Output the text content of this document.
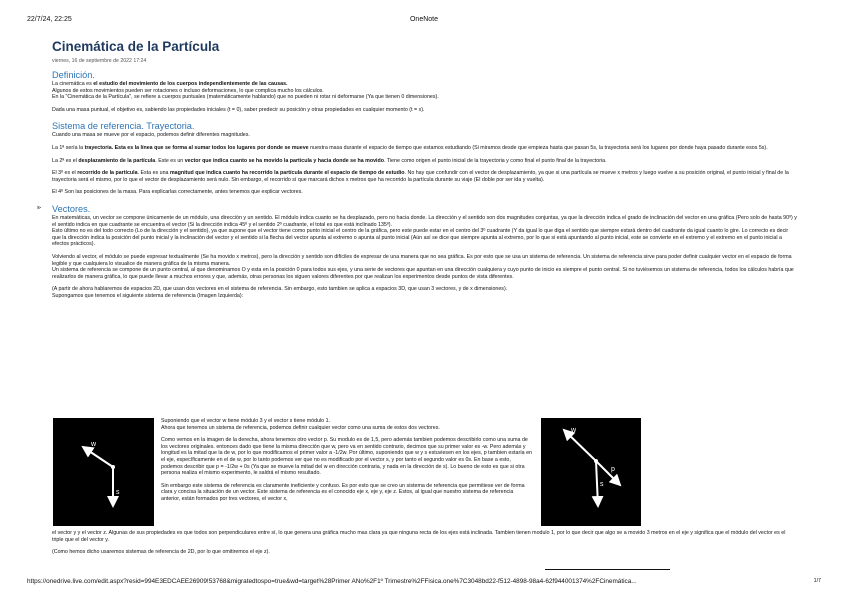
22/7/24, 22:25	OneNote
Cinemática de la Partícula
viernes, 16 de septiembre de 2022 17:24
Definición.

La cinemática es el estudio del movimiento de los cuerpos independientemente de las causas.

Algunos de estos movimientos pueden ser rotaciones o incluso deformaciones, lo que complica mucho los cálculos.

En la "Cinemática de la Partícula", se refiere a cuerpos puntuales (matemáticamente hablando) que no pueden ni rotar ni deformarse (Ya que tienen 0 dimensiones).

Dada una masa puntual, el objetivo es, sabiendo las propiedades iniciales (t = 0), saber predecir su posición y otras propiedades en cualquier momento (t = x).

Sistema de referencia. Trayectoria.

Cuando una masa se mueve por el espacio, podemos definir diferentes magnitudes.

La 1ª sería la trayectoria. Esta es la línea que se forma al sumar todos los lugares por donde se mueve nuestra masa durante el espacio de tiempo que estamos estudiando (Si miramos desde que empieza hasta que pasan 5s, la trayectoria será los lugares por donde haya pasado durante esos 5s).

La 2ª es el desplazamiento de la partícula. Este es un vector que indica cuanto se ha movido la partícula y hacia donde se ha movido. Tiene como origen el punto inicial de la trayectoria y como final el punto final de la trayectoria.

El 3º es el recorrido de la partícula. Esta es una magnitud que indica cuanto ha recorrido la partícula durante el espacio de tiempo de estudio. No hay que confundir con el vector de desplazamiento, ya que si una partícula se mueve x metros y luego vuelve a su posición original, el punto inicial y final de la trayectoria será el mismo, por lo que el vector de desplazamiento será nulo. Sin embargo, el recorrido sí que marcará dichos x metros que ha recorrido la partícula durante su viaje (El doble por ser ida y vuelta).

El 4º Son las posiciones de la masa. Para explicarlas correctamente, antes tenemos que explicar vectores.

⪢ Vectores.

En matemáticas, un vector se compone únicamente de un módulo, una dirección y un sentido. El módulo indica cuanto se ha desplazado, pero no hacia donde. La dirección y el sentido son dos magnitudes conjuntas, ya que la dirección indica el grado de inclinación del vector en una gráfica (Pero solo de hasta 90º) y el sentido indica en que cuadrante se encuentra el vector (Si la dirección indica 45º y el sentido 2º cuadrante, el total es que está inclinado 135º).

Esto último no es del todo correcto (Lo de la dirección y el sentido), ya que supone que el vector tiene como punto inicial el centro de la gráfica, pero este puede estar en el centro del 3º cuadrante (Y da igual lo que diga el sentido que siempre estará dentro del cuadrante da igual cuanto lo gire. Lo correcto es decir que la dirección indica la posición del punto inicial y la inclinación del vector y el sentido si la flecha del vector apunta al extremo o apunta al punto inicial (Aún así se dice que siempre apunta al extremo, por lo que si está apuntando al punto inicial, este se convierte en el extremo y el extremo en el punto inicial a efectos prácticos).

Volviendo al vector, el módulo se puede expresar textualmente (Se ha movido x metros), pero la dirección y sentido son difíciles de expresar de una manera que no sea gráfica. Es por esto que se usa un sistema de referencia. Un sistema de referencia sirve para poder definir cualquier vector en el espacio de forma legible y que cualquiera lo visualice de manera gráfica de la misma manera.

Un sistema de referencia se compone de un punto central, al que denominamos O y esta en la posición 0 para todos sus ejes, y una serie de vectores que apuntan en una dirección cualquiera y cuyo punto de inicio es siempre el punto central. Si no tuviésemos un sistema de referencia, todos los cálculos habría que realizarlos de manera gráfica, lo que puede llevar a muchos errores y que, además, otras personas los siguen valores diferentes por que realizan los experimentos desde puntos de vista diferentes.

(A partir de ahora hablaremos de espacios 2D, que usan dos vectores en el sistema de referencia. Sin embargo, esto tambien se aplica a espacios 3D, que usan 3 vectores, y de x dimensiones).

Supongamos que tenemos el siguiente sistema de referencia (Imagen Izquierda):

Suponiendo que el vector w tiene módulo 3 y el vector s tiene módulo 1.

Ahora que tenemos un sistema de referencia, podemos definir cualquier vector como una suma de estos dos vectores.

Como vemos en la imagen de la derecha, ahora tenemos otro vector p. Su modulo es de 1,5, pero además tambien podemos describirlo como una suma de los vectores originales. entonces dado que tiene la misma dirección que w, pero va en sentido contrario, decimos que su primer valor es -w. Pero además y longitud es la mitad que la de w, por lo que modificamos el primer valor a -1/2w. Por último, suponiendo que w y s estuviesen en los ejes, p tambien estaría en el eje, específicamente en el de w, por lo tanto podemos ver que no es modificado por el vector s, y por tanto el segundo valor es 0s. En base a esto, podemos describir que p = -1/2w + 0s (Ya que se mueve la mitad del w en dirección contraria, y nada en la dirección de s). Lo bueno de esto es que si otra persona realiza el mismo experimento, le saldrá el mismo resultado.

Sin embargo este sistema de referencia es claramente ineficiente y confuso. Es por esto que se creo un sistema de referencia que permitiese ver de forma clara y concisa la situación de un vector. Este sistema de referencia es el conocido eje x, eje y, eje z. Estos, al igual que nuestro sistema de referencia anterior, están formados por tres vectores, el vector x,

el vector y y el vector z. Algunas de sus propiedades es que todos son perpendiculares entre sí, lo que genera una gráfica mucho mas clara ya que ninguna recta de los ejes está inclinada. Tambien tienen modulo 1, por lo que decir que algo se a movido 3 metros en el eje y significa que el módulo del vector es el triple que el del vector y.

(Como hemos dicho usaremos sistemas de referencia de 2D, por lo que omitiremos el eje z).

w
s
w
p
s
https://onedrive.live.com/edit.aspx?resid=994E3EDCAEE26909!53768&migratedtospo=true&wd=target%28Primer AÑo%2F1º Trimestre%2FFisica.one%7C3048bd22-f512-4898-98a4-62f944001374%2FCinemática...	1/7
